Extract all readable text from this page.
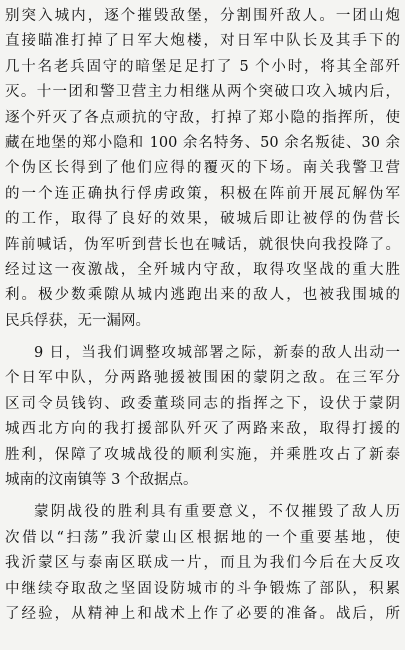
别突入城内，逐个摧毁敌堡，分割围歼敌人。一团山炮
直接瞄准打掉了日军大炮楼，对日军中队长及其手下的
几十名老兵固守的暗堡足足打了 5 个小时，将其全部歼
灭。十一团和警卫营主力相继从两个突破口攻入城内后，
逐个歼灭了各点顽抗的守敌，打掉了郑小隐的指挥所，使
藏在地堡的郑小隐和 100 余名特务、50 余名叛徒、30 余
个伪区长得到了他们应得的覆灭的下场。南关我警卫营
的一个连正确执行俘虏政策，积极在阵前开展瓦解伪军
的工作，取得了良好的效果，破城后即让被俘的伪营长
阵前喊话，伪军听到营长也在喊话，就很快向我投降了。
经过这一夜激战，全歼城内守敌，取得攻坚战的重大胜
利。极少数乘隙从城内逃跑出来的敌人，也被我围城的
民兵俘获，无一漏网。
9 日，当我们调整攻城部署之际，新泰的敌人出动一
个日军中队，分两路驰援被围困的蒙阴之敌。在三军分
区司令员钱钧、政委董琰同志的指挥之下，设伏于蒙阴
城西北方向的我打援部队歼灭了两路来敌，取得打援的
胜利，保障了攻城战役的顺利实施，并乘胜攻占了新泰
城南的汶南镇等 3 个敌据点。
蒙阴战役的胜利具有重要意义，不仅摧毁了敌人历
次借以“扫荡”我沂蒙山区根据地的一个重要基地，使
我沂蒙区与泰南区联成一片，而且为我们今后在大反攻
中继续夺取敌之坚固设防城市的斗争锻炼了部队，积累
了经验，从精神上和战术上作了必要的准备。战后，所
